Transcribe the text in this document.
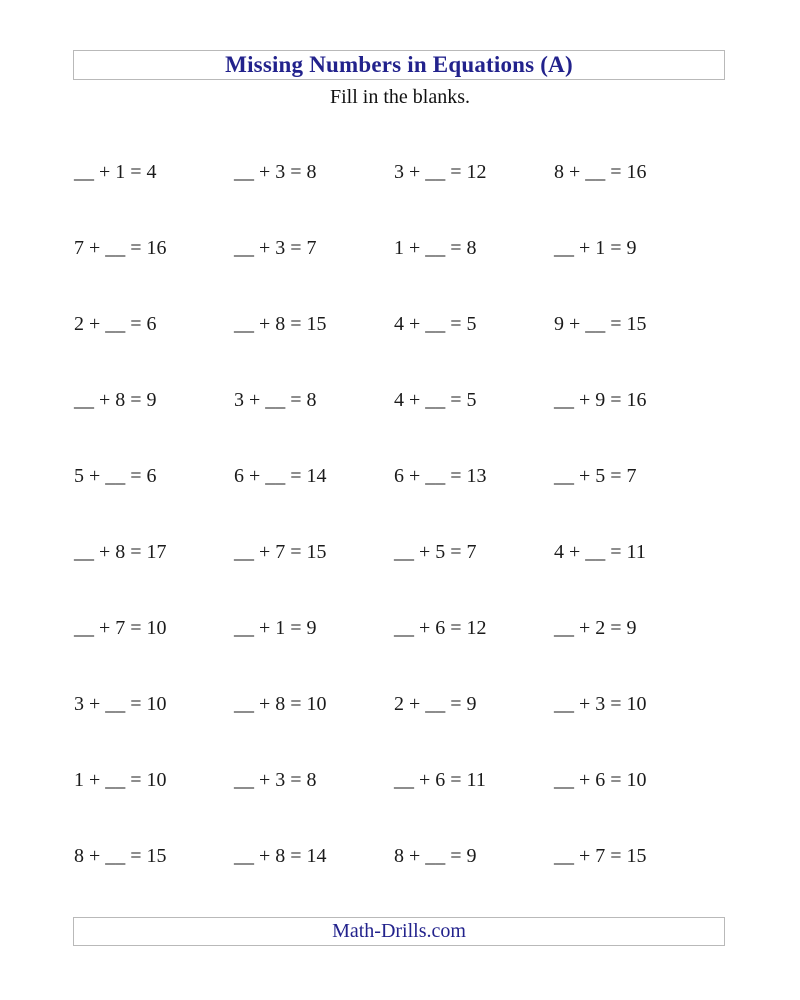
Missing Numbers in Equations (A)
Fill in the blanks.
__ + 1 = 4	__ + 3 = 8	3 + __ = 12	8 + __ = 16
7 + __ = 16	__ + 3 = 7	1 + __ = 8	__ + 1 = 9
2 + __ = 6	__ + 8 = 15	4 + __ = 5	9 + __ = 15
__ + 8 = 9	3 + __ = 8	4 + __ = 5	__ + 9 = 16
5 + __ = 6	6 + __ = 14	6 + __ = 13	__ + 5 = 7
__ + 8 = 17	__ + 7 = 15	__ + 5 = 7	4 + __ = 11
__ + 7 = 10	__ + 1 = 9	__ + 6 = 12	__ + 2 = 9
3 + __ = 10	__ + 8 = 10	2 + __ = 9	__ + 3 = 10
1 + __ = 10	__ + 3 = 8	__ + 6 = 11	__ + 6 = 10
8 + __ = 15	__ + 8 = 14	8 + __ = 9	__ + 7 = 15
Math-Drills.com
